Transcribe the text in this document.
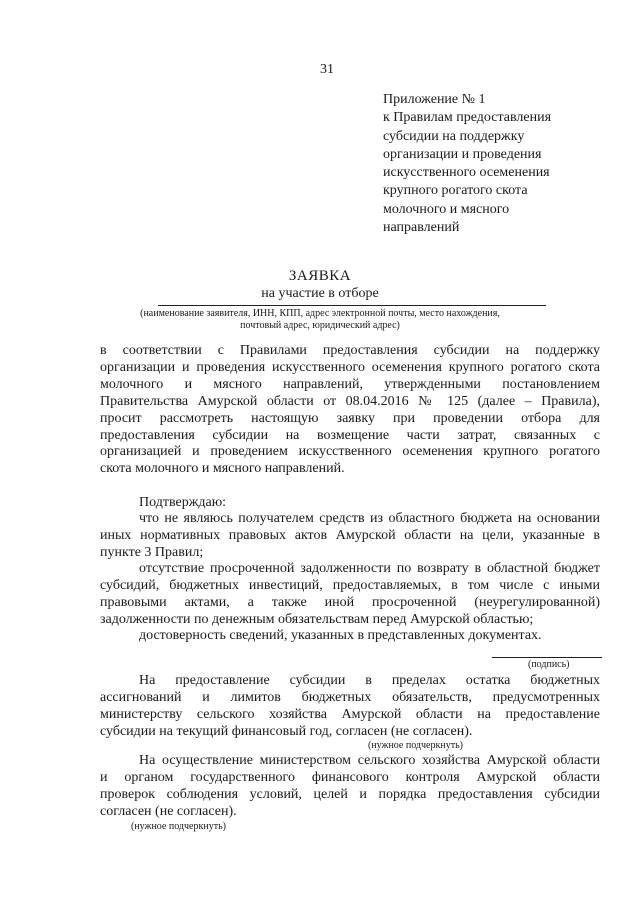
31
Приложение № 1
к Правилам предоставления
субсидии на поддержку
организации и проведения
искусственного осеменения
крупного рогатого скота
молочного и мясного
направлений
ЗАЯВКА
на участие в отборе
(наименование заявителя, ИНН, КПП, адрес электронной почты, место нахождения,
почтовый адрес, юридический адрес)
в соответствии с Правилами предоставления субсидии на поддержку
организации и проведения искусственного осеменения крупного рогатого скота
молочного и мясного направлений, утвержденными постановлением
Правительства Амурской области от 08.04.2016 № 125 (далее – Правила),
просит рассмотреть настоящую заявку при проведении отбора для
предоставления субсидии на возмещение части затрат, связанных с
организацией и проведением искусственного осеменения крупного рогатого
скота молочного и мясного направлений.
Подтверждаю:
что не являюсь получателем средств из областного бюджета на основании
иных нормативных правовых актов Амурской области на цели, указанные в
пункте 3 Правил;
отсутствие просроченной задолженности по возврату в областной бюджет
субсидий, бюджетных инвестиций, предоставляемых, в том числе с иными
правовыми актами, а также иной просроченной (неурегулированной)
задолженности по денежным обязательствам перед Амурской областью;
достоверность сведений, указанных в представленных документах.
(подпись)
На предоставление субсидии в пределах остатка бюджетных
ассигнований и лимитов бюджетных обязательств, предусмотренных
министерству сельского хозяйства Амурской области на предоставление
субсидии на текущий финансовый год, согласен (не согласен).
(нужное подчеркнуть)
На осуществление министерством сельского хозяйства Амурской области
и органом государственного финансового контроля Амурской области
проверок соблюдения условий, целей и порядка предоставления субсидии
согласен (не согласен).
(нужное подчеркнуть)
